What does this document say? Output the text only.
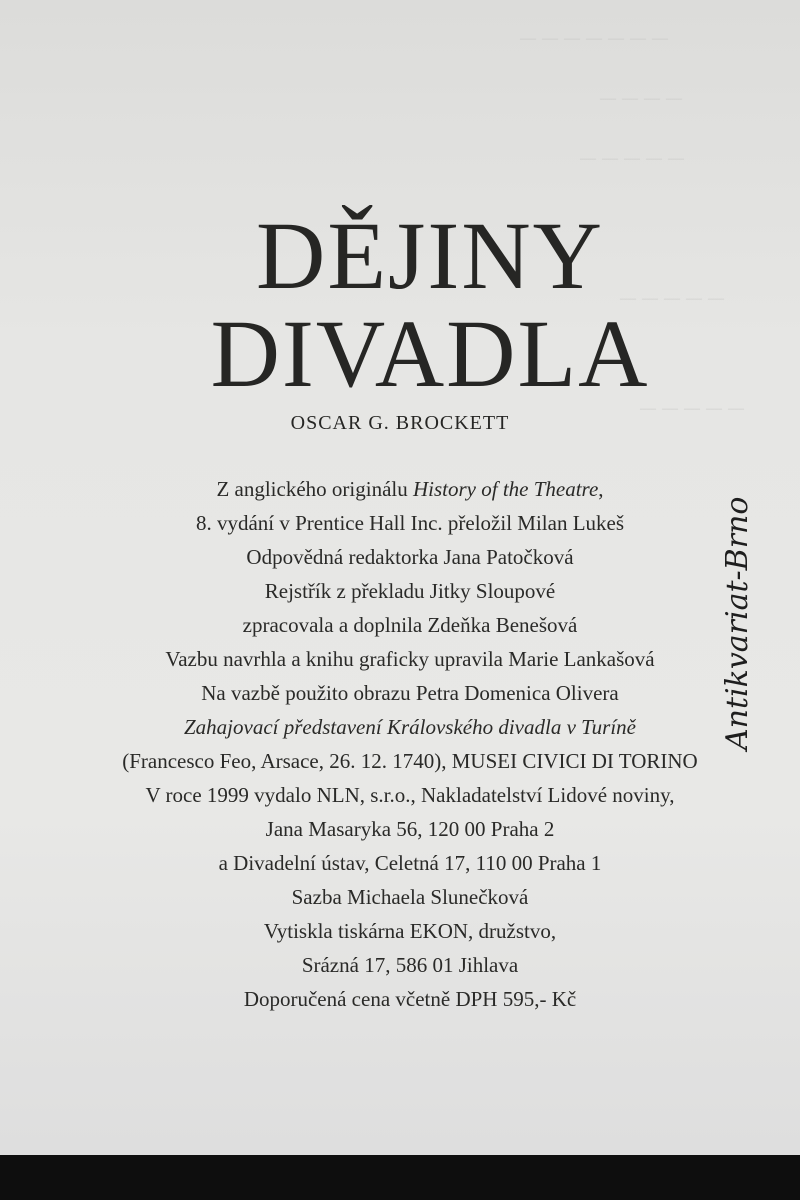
— — — — — — —
— — — —
— — — — —
— — — — —
— — — — —
DĚJINY
DIVADLA
OSCAR G. BROCKETT
Z anglického originálu History of the Theatre,
8. vydání v Prentice Hall Inc. přeložil Milan Lukeš
Odpovědná redaktorka Jana Patočková
Rejstřík z překladu Jitky Sloupové
zpracovala a doplnila Zdeňka Benešová
Vazbu navrhla a knihu graficky upravila Marie Lankašová
Na vazbě použito obrazu Petra Domenica Olivera
Zahajovací představení Královského divadla v Turíně
(Francesco Feo, Arsace, 26. 12. 1740), MUSEI CIVICI DI TORINO
V roce 1999 vydalo NLN, s.r.o., Nakladatelství Lidové noviny,
Jana Masaryka 56, 120 00 Praha 2
a Divadelní ústav, Celetná 17, 110 00 Praha 1
Sazba Michaela Slunečková
Vytiskla tiskárna EKON, družstvo,
Srázná 17, 586 01 Jihlava
Doporučená cena včetně DPH 595,- Kč
Antikvariat-Brno
